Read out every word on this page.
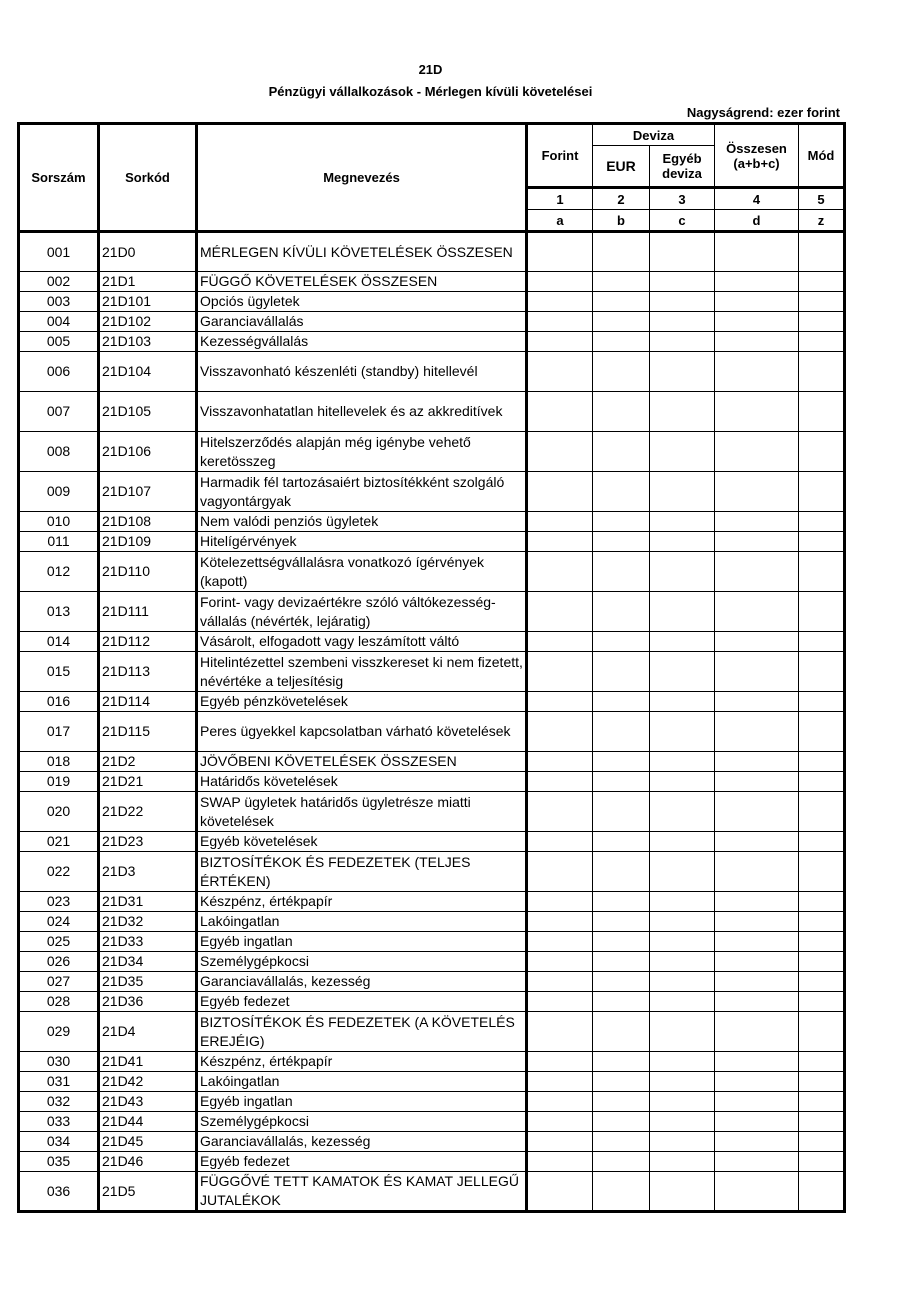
21D
Pénzügyi vállalkozások - Mérlegen kívüli követelései
Nagyságrend: ezer forint
Sorszám	Sorkód	Megnevezés	Forint	Deviza		Összesen (a+b+c)	Mód
				EUR	Egyéb deviza		
			1	2	3	4	5
			a	b	c	d	z
001	21D0	MÉRLEGEN KÍVÜLI KÖVETELÉSEK ÖSSZESEN					
002	21D1	FÜGGŐ KÖVETELÉSEK ÖSSZESEN					
003	21D101	Opciós ügyletek					
004	21D102	Garanciavállalás					
005	21D103	Kezességvállalás					
006	21D104	Visszavonható készenléti (standby) hitellevél					
007	21D105	Visszavonhatatlan hitellevelek és az akkreditívek					
008	21D106	Hitelszerződés alapján még igénybe vehető keretösszeg					
009	21D107	Harmadik fél tartozásaiért biztosítékként szolgáló vagyontárgyak					
010	21D108	Nem valódi penziós ügyletek					
011	21D109	Hitelígérvények					
012	21D110	Kötelezettségvállalásra vonatkozó ígérvények (kapott)					
013	21D111	Forint- vagy devizaértékre szóló váltókezesség-vállalás (névérték, lejáratig)					
014	21D112	Vásárolt, elfogadott vagy leszámított váltó					
015	21D113	Hitelintézettel szembeni visszkereset ki nem fizetett, névértéke a teljesítésig					
016	21D114	Egyéb pénzkövetelések					
017	21D115	Peres ügyekkel kapcsolatban várható követelések					
018	21D2	JÖVŐBENI KÖVETELÉSEK ÖSSZESEN					
019	21D21	Határidős követelések					
020	21D22	SWAP ügyletek határidős ügyletrésze miatti követelések					
021	21D23	Egyéb követelések					
022	21D3	BIZTOSÍTÉKOK ÉS FEDEZETEK (TELJES ÉRTÉKEN)					
023	21D31	Készpénz, értékpapír					
024	21D32	Lakóingatlan					
025	21D33	Egyéb ingatlan					
026	21D34	Személygépkocsi					
027	21D35	Garanciavállalás, kezesség					
028	21D36	Egyéb fedezet					
029	21D4	BIZTOSÍTÉKOK ÉS FEDEZETEK (A KÖVETELÉS EREJÉIG)					
030	21D41	Készpénz, értékpapír					
031	21D42	Lakóingatlan					
032	21D43	Egyéb ingatlan					
033	21D44	Személygépkocsi					
034	21D45	Garanciavállalás, kezesség					
035	21D46	Egyéb fedezet					
036	21D5	FÜGGŐVÉ TETT KAMATOK ÉS KAMAT JELLEGŰ JUTALÉKOK					
